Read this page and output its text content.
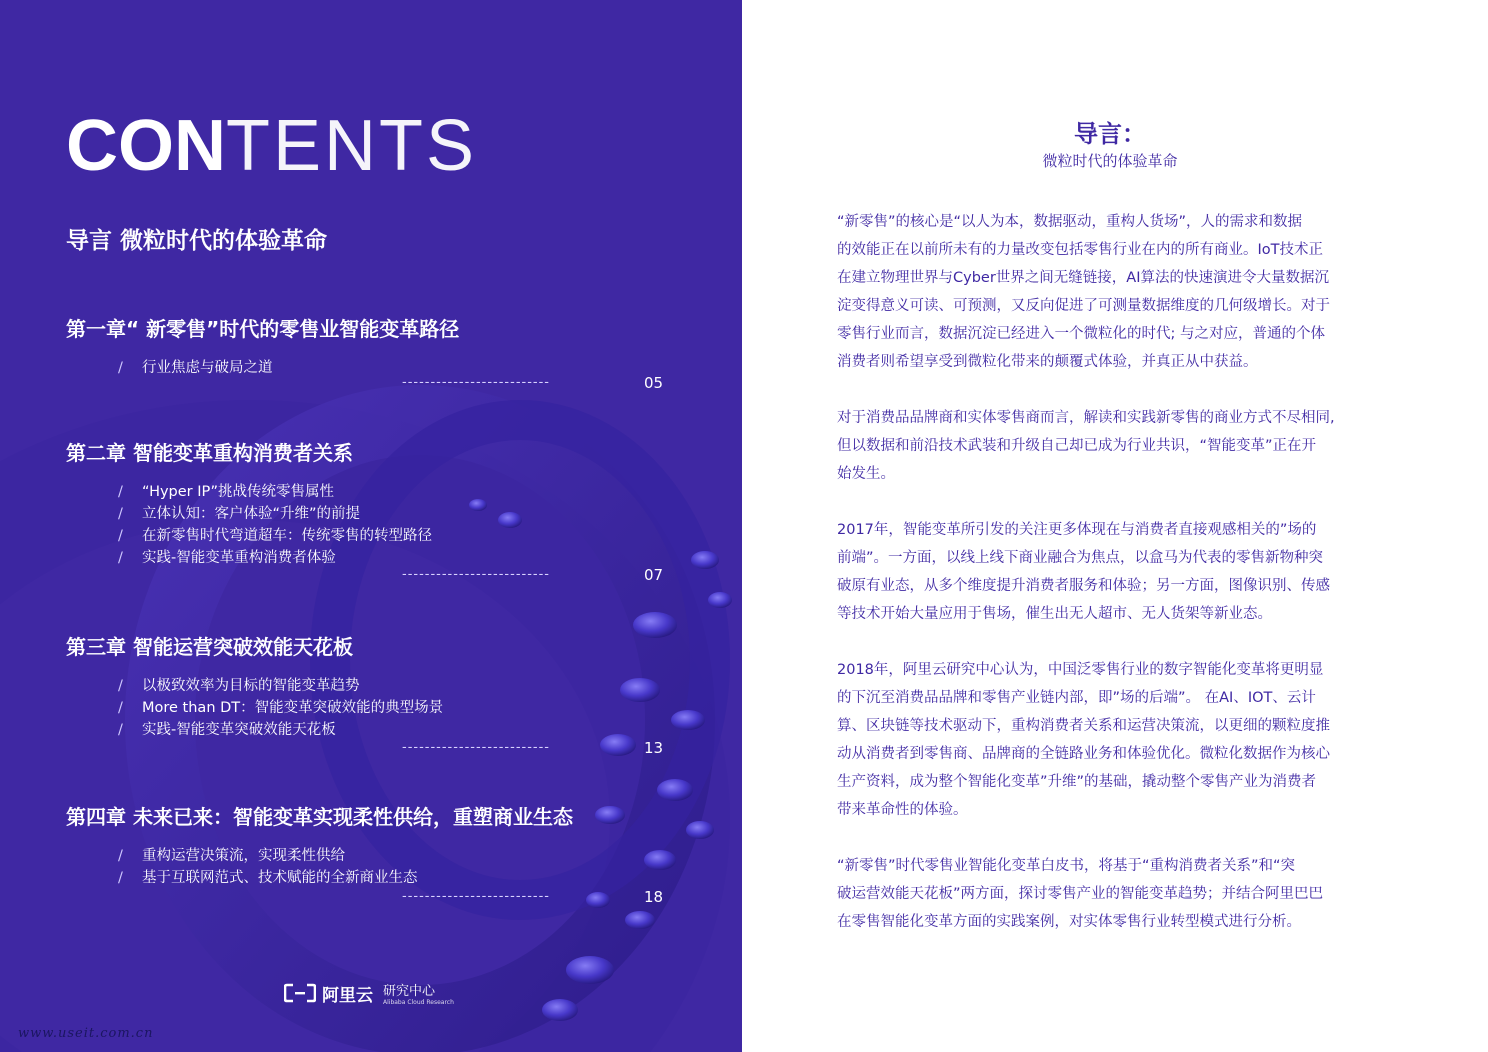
CONTENTS
导言 微粒时代的体验革命
第一章“ 新零售”时代的零售业智能变革路径
/ 行业焦虑与破局之道
--------------------------	05
第二章 智能变革重构消费者关系
/ “Hyper IP”挑战传统零售属性
/ 立体认知：客户体验“升维”的前提
/ 在新零售时代弯道超车：传统零售的转型路径
/ 实践-智能变革重构消费者体验
--------------------------	07
第三章 智能运营突破效能天花板
/ 以极致效率为目标的智能变革趋势
/ More than DT：智能变革突破效能的典型场景
/ 实践-智能变革突破效能天花板
--------------------------	13
第四章 未来已来：智能变革实现柔性供给，重塑商业生态
/ 重构运营决策流，实现柔性供给
/ 基于互联网范式、技术赋能的全新商业生态
--------------------------	18
阿里云 研究中心
Alibaba Cloud Research
www.useit.com.cn
导言：
微粒时代的体验革命
“新零售”的核心是“以人为本，数据驱动，重构人货场”，人的需求和数据
的效能正在以前所未有的力量改变包括零售行业在内的所有商业。IoT技术正
在建立物理世界与Cyber世界之间无缝链接，AI算法的快速演进令大量数据沉
淀变得意义可读、可预测，又反向促进了可测量数据维度的几何级增长。对于
零售行业而言，数据沉淀已经进入一个微粒化的时代; 与之对应，普通的个体
消费者则希望享受到微粒化带来的颠覆式体验，并真正从中获益。
对于消费品品牌商和实体零售商而言，解读和实践新零售的商业方式不尽相同,
但以数据和前沿技术武装和升级自己却已成为行业共识，“智能变革”正在开
始发生。
2017年，智能变革所引发的关注更多体现在与消费者直接观感相关的”场的
前端”。一方面，以线上线下商业融合为焦点，以盒马为代表的零售新物种突
破原有业态，从多个维度提升消费者服务和体验；另一方面，图像识别、传感
等技术开始大量应用于售场，催生出无人超市、无人货架等新业态。
2018年，阿里云研究中心认为，中国泛零售行业的数字智能化变革将更明显
的下沉至消费品品牌和零售产业链内部，即”场的后端”。 在AI、IOT、云计
算、区块链等技术驱动下，重构消费者关系和运营决策流，以更细的颗粒度推
动从消费者到零售商、品牌商的全链路业务和体验优化。微粒化数据作为核心
生产资料，成为整个智能化变革”升维”的基础，撬动整个零售产业为消费者
带来革命性的体验。
“新零售”时代零售业智能化变革白皮书，将基于“重构消费者关系”和“突
破运营效能天花板”两方面，探讨零售产业的智能变革趋势；并结合阿里巴巴
在零售智能化变革方面的实践案例，对实体零售行业转型模式进行分析。
